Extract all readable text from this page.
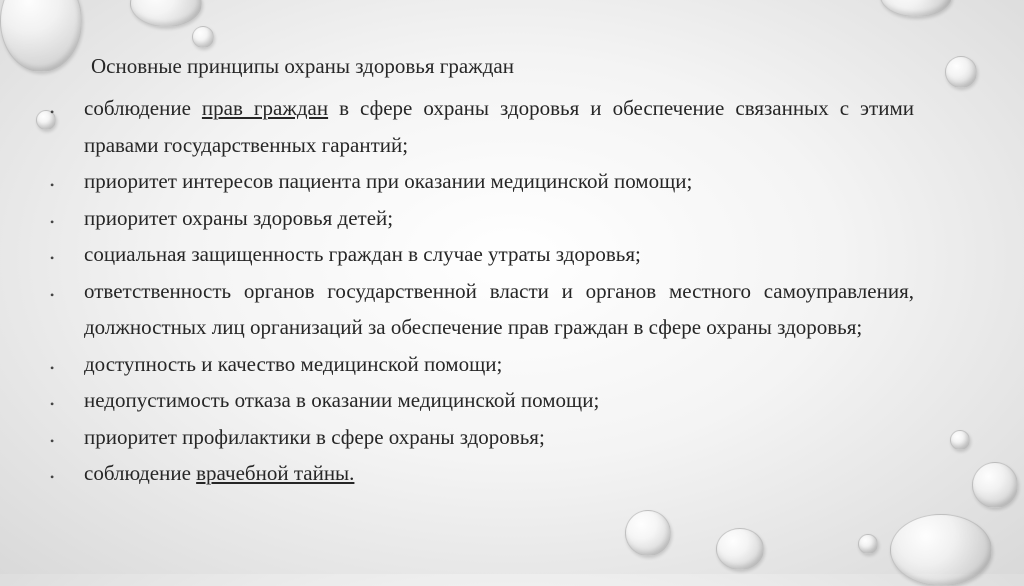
Основные принципы охраны здоровья граждан
• соблюдение прав граждан в сфере охраны здоровья и обеспечение связанных с этими правами государственных гарантий;
• приоритет интересов пациента при оказании медицинской помощи;
• приоритет охраны здоровья детей;
• социальная защищенность граждан в случае утраты здоровья;
• ответственность органов государственной власти и органов местного самоуправления, должностных лиц организаций за обеспечение прав граждан в сфере охраны здоровья;
• доступность и качество медицинской помощи;
• недопустимость отказа в оказании медицинской помощи;
• приоритет профилактики в сфере охраны здоровья;
• соблюдение врачебной тайны.
